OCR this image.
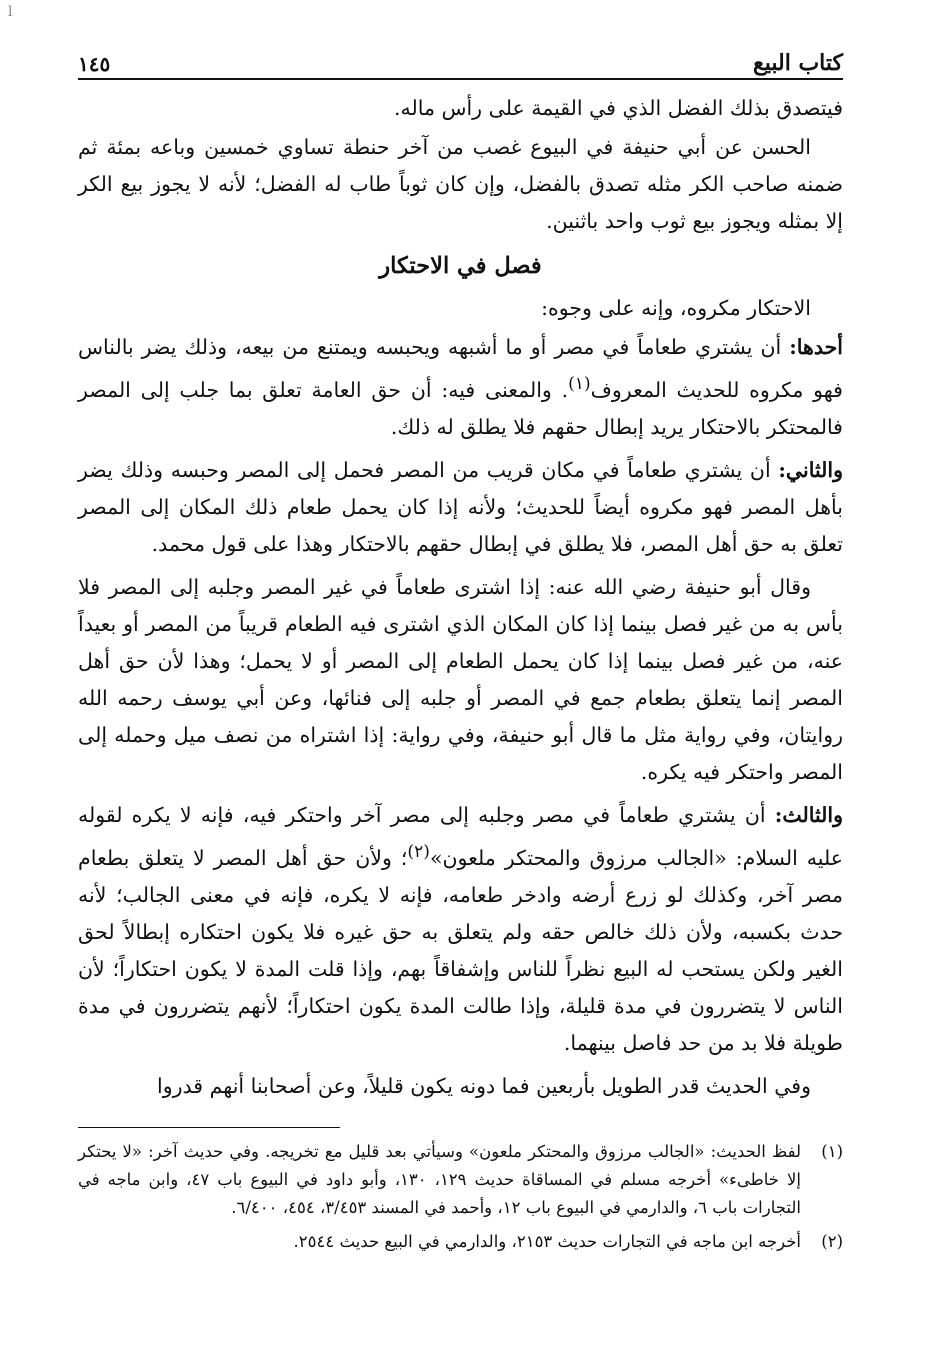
l
كتاب البيع
١٤٥

فيتصدق بذلك الفضل الذي في القيمة على رأس ماله.

الحسن عن أبي حنيفة في البيوع غصب من آخر حنطة تساوي خمسين وباعه بمئة ثم ضمنه صاحب الكر مثله تصدق بالفضل، وإن كان ثوباً طاب له الفضل؛ لأنه لا يجوز بيع الكر إلا بمثله ويجوز بيع ثوب واحد باثنين.

فصل في الاحتكار

الاحتكار مكروه، وإنه على وجوه:

أحدها: أن يشتري طعاماً في مصر أو ما أشبهه ويحبسه ويمتنع من بيعه، وذلك يضر بالناس فهو مكروه للحديث المعروف$^{(١)}$. والمعنى فيه: أن حق العامة تعلق بما جلب إلى المصر فالمحتكر بالاحتكار يريد إبطال حقهم فلا يطلق له ذلك.

والثاني: أن يشتري طعاماً في مكان قريب من المصر فحمل إلى المصر وحبسه وذلك يضر بأهل المصر فهو مكروه أيضاً للحديث؛ ولأنه إذا كان يحمل طعام ذلك المكان إلى المصر تعلق به حق أهل المصر، فلا يطلق في إبطال حقهم بالاحتكار وهذا على قول محمد.

وقال أبو حنيفة رضي الله عنه: إذا اشترى طعاماً في غير المصر وجلبه إلى المصر فلا بأس به من غير فصل بينما إذا كان المكان الذي اشترى فيه الطعام قريباً من المصر أو بعيداً عنه، من غير فصل بينما إذا كان يحمل الطعام إلى المصر أو لا يحمل؛ وهذا لأن حق أهل المصر إنما يتعلق بطعام جمع في المصر أو جلبه إلى فنائها، وعن أبي يوسف رحمه الله روايتان، وفي رواية مثل ما قال أبو حنيفة، وفي رواية: إذا اشتراه من نصف ميل وحمله إلى المصر واحتكر فيه يكره.

والثالث: أن يشتري طعاماً في مصر وجلبه إلى مصر آخر واحتكر فيه، فإنه لا يكره لقوله عليه السلام: «الجالب مرزوق والمحتكر ملعون»$^{(٢)}$؛ ولأن حق أهل المصر لا يتعلق بطعام مصر آخر، وكذلك لو زرع أرضه وادخر طعامه، فإنه لا يكره، فإنه في معنى الجالب؛ لأنه حدث بكسبه، ولأن ذلك خالص حقه ولم يتعلق به حق غيره فلا يكون احتكاره إبطالاً لحق الغير ولكن يستحب له البيع نظراً للناس وإشفاقاً بهم، وإذا قلت المدة لا يكون احتكاراً؛ لأن الناس لا يتضررون في مدة قليلة، وإذا طالت المدة يكون احتكاراً؛ لأنهم يتضررون في مدة طويلة فلا بد من حد فاصل بينهما.

وفي الحديث قدر الطويل بأربعين فما دونه يكون قليلاً، وعن أصحابنا أنهم قدروا

(١)
لفظ الحديث: «الجالب مرزوق والمحتكر ملعون» وسيأتي بعد قليل مع تخريجه. وفي حديث آخر: «لا يحتكر إلا خاطىء» أخرجه مسلم في المساقاة حديث ١٢٩، ١٣٠، وأبو داود في البيوع باب ٤٧، وابن ماجه في التجارات باب ٦، والدارمي في البيوع باب ١٢، وأحمد في المسند ٣/٤٥٣، ٤٥٤، ٦/٤٠٠.
(٢)
أخرجه ابن ماجه في التجارات حديث ٢١٥٣، والدارمي في البيع حديث ٢٥٤٤.
